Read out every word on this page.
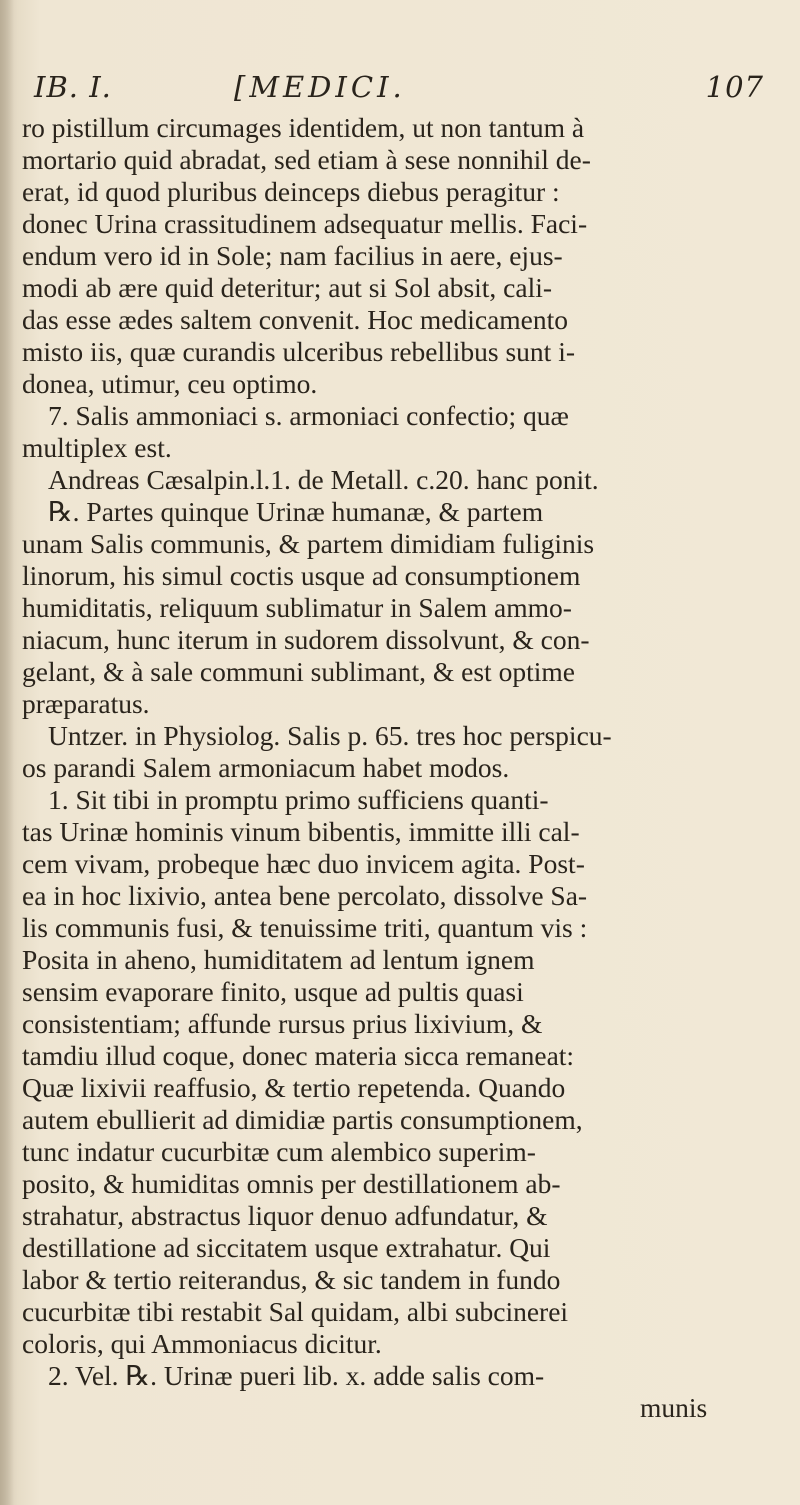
IB. I.	[MEDICI.	107
ro pistillum circumages identidem, ut non tantum à
mortario quid abradat, sed etiam à sese nonnihil de-
erat, id quod pluribus deinceps diebus peragitur :
donec Urina crassitudinem adsequatur mellis. Faci-
endum vero id in Sole; nam facilius in aere, ejus-
modi ab ære quid deteritur; aut si Sol absit, cali-
das esse ædes saltem convenit. Hoc medicamento
misto iis, quæ curandis ulceribus rebellibus sunt i-
donea, utimur, ceu optimo.
7. Salis ammoniaci s. armoniaci confectio; quæ
multiplex est.
Andreas Cæsalpin.l.1. de Metall. c.20. hanc ponit.
℞. Partes quinque Urinæ humanæ, & partem
unam Salis communis, & partem dimidiam fuliginis
linorum, his simul coctis usque ad consumptionem
humiditatis, reliquum sublimatur in Salem ammo-
niacum, hunc iterum in sudorem dissolvunt, & con-
gelant, & à sale communi sublimant, & est optime
præparatus.
Untzer. in Physiolog. Salis p. 65. tres hoc perspicu-
os parandi Salem armoniacum habet modos.
1. Sit tibi in promptu primo sufficiens quanti-
tas Urinæ hominis vinum bibentis, immitte illi cal-
cem vivam, probeque hæc duo invicem agita. Post-
ea in hoc lixivio, antea bene percolato, dissolve Sa-
lis communis fusi, & tenuissime triti, quantum vis :
Posita in aheno, humiditatem ad lentum ignem
sensim evaporare finito, usque ad pultis quasi
consistentiam; affunde rursus prius lixivium, &
tamdiu illud coque, donec materia sicca remaneat:
Quæ lixivii reaffusio, & tertio repetenda. Quando
autem ebullierit ad dimidiæ partis consumptionem,
tunc indatur cucurbitæ cum alembico superim-
posito, & humiditas omnis per destillationem ab-
strahatur, abstractus liquor denuo adfundatur, &
destillatione ad siccitatem usque extrahatur. Qui
labor & tertio reiterandus, & sic tandem in fundo
cucurbitæ tibi restabit Sal quidam, albi subcinerei
coloris, qui Ammoniacus dicitur.
2. Vel. ℞. Urinæ pueri lib. x. adde salis com-
munis
